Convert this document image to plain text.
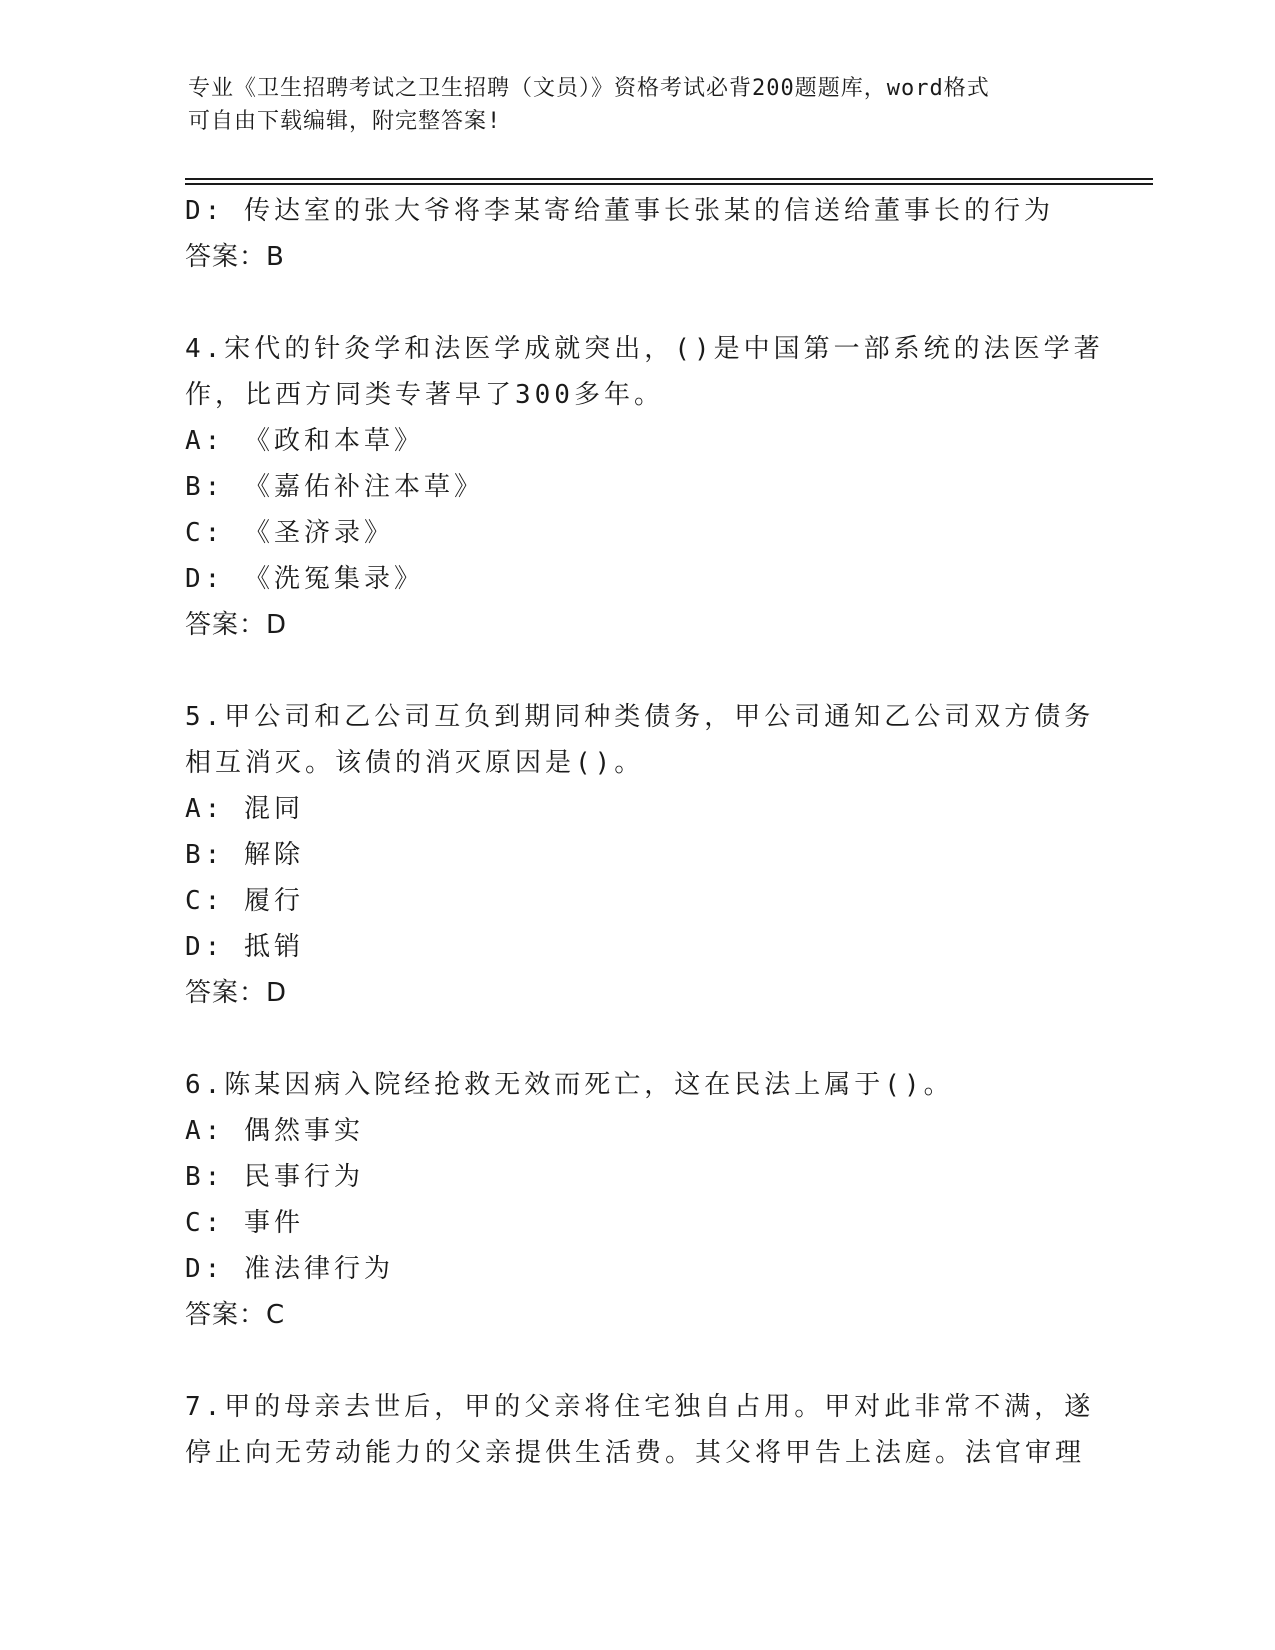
专业《卫生招聘考试之卫生招聘（文员）》资格考试必背200题题库，word格式
可自由下载编辑，附完整答案!
D: 传达室的张大爷将李某寄给董事长张某的信送给董事长的行为
答案：B
4.宋代的针灸学和法医学成就突出，()是中国第一部系统的法医学著
作，比西方同类专著早了300多年。
A: 《政和本草》
B: 《嘉佑补注本草》
C: 《圣济录》
D: 《洗冤集录》
答案：D
5.甲公司和乙公司互负到期同种类债务，甲公司通知乙公司双方债务
相互消灭。该债的消灭原因是()。
A: 混同
B: 解除
C: 履行
D: 抵销
答案：D
6.陈某因病入院经抢救无效而死亡，这在民法上属于()。
A: 偶然事实
B: 民事行为
C: 事件
D: 准法律行为
答案：C
7.甲的母亲去世后，甲的父亲将住宅独自占用。甲对此非常不满，遂
停止向无劳动能力的父亲提供生活费。其父将甲告上法庭。法官审理
